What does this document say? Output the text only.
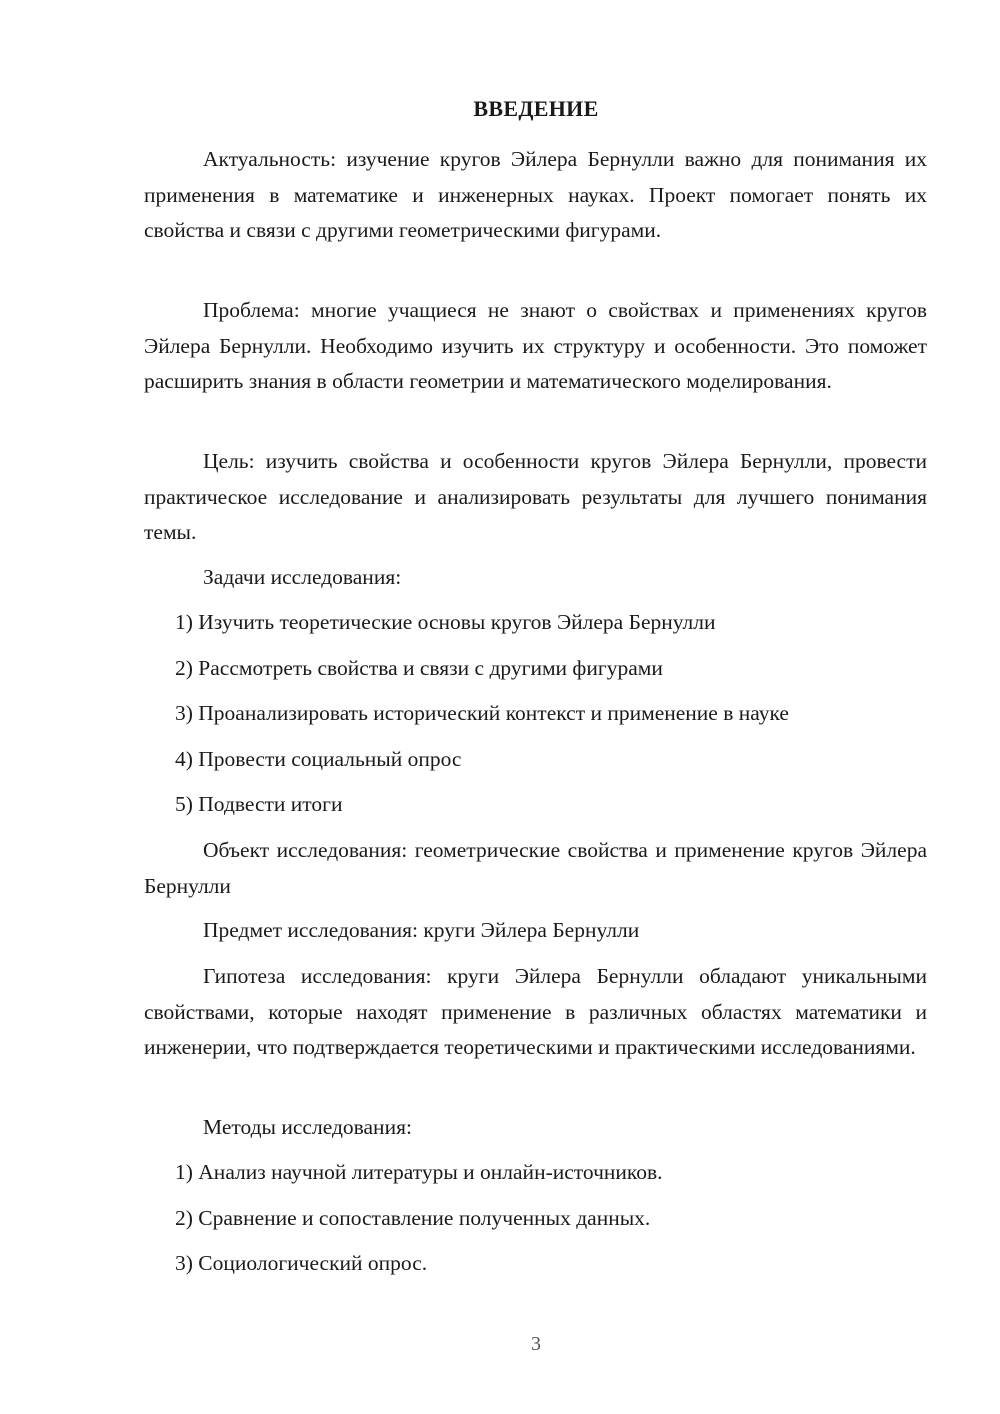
ВВЕДЕНИЕ

Актуальность: изучение кругов Эйлера Бернулли важно для понимания их применения в математике и инженерных науках. Проект помогает понять их свойства и связи с другими геометрическими фигурами.

Проблема: многие учащиеся не знают о свойствах и применениях кругов Эйлера Бернулли. Необходимо изучить их структуру и особенности. Это поможет расширить знания в области геометрии и математического моделирования.

Цель: изучить свойства и особенности кругов Эйлера Бернулли, провести практическое исследование и анализировать результаты для лучшего понимания темы.

Задачи исследования:

1) Изучить теоретические основы кругов Эйлера Бернулли

2) Рассмотреть свойства и связи с другими фигурами

3) Проанализировать исторический контекст и применение в науке

4) Провести социальный опрос

5) Подвести итоги

Объект исследования: геометрические свойства и применение кругов Эйлера Бернулли

Предмет исследования: круги Эйлера Бернулли

Гипотеза исследования: круги Эйлера Бернулли обладают уникальными свойствами, которые находят применение в различных областях математики и инженерии, что подтверждается теоретическими и практическими исследованиями.

Методы исследования:

1) Анализ научной литературы и онлайн-источников.

2) Сравнение и сопоставление полученных данных.

3) Социологический опрос.

3
